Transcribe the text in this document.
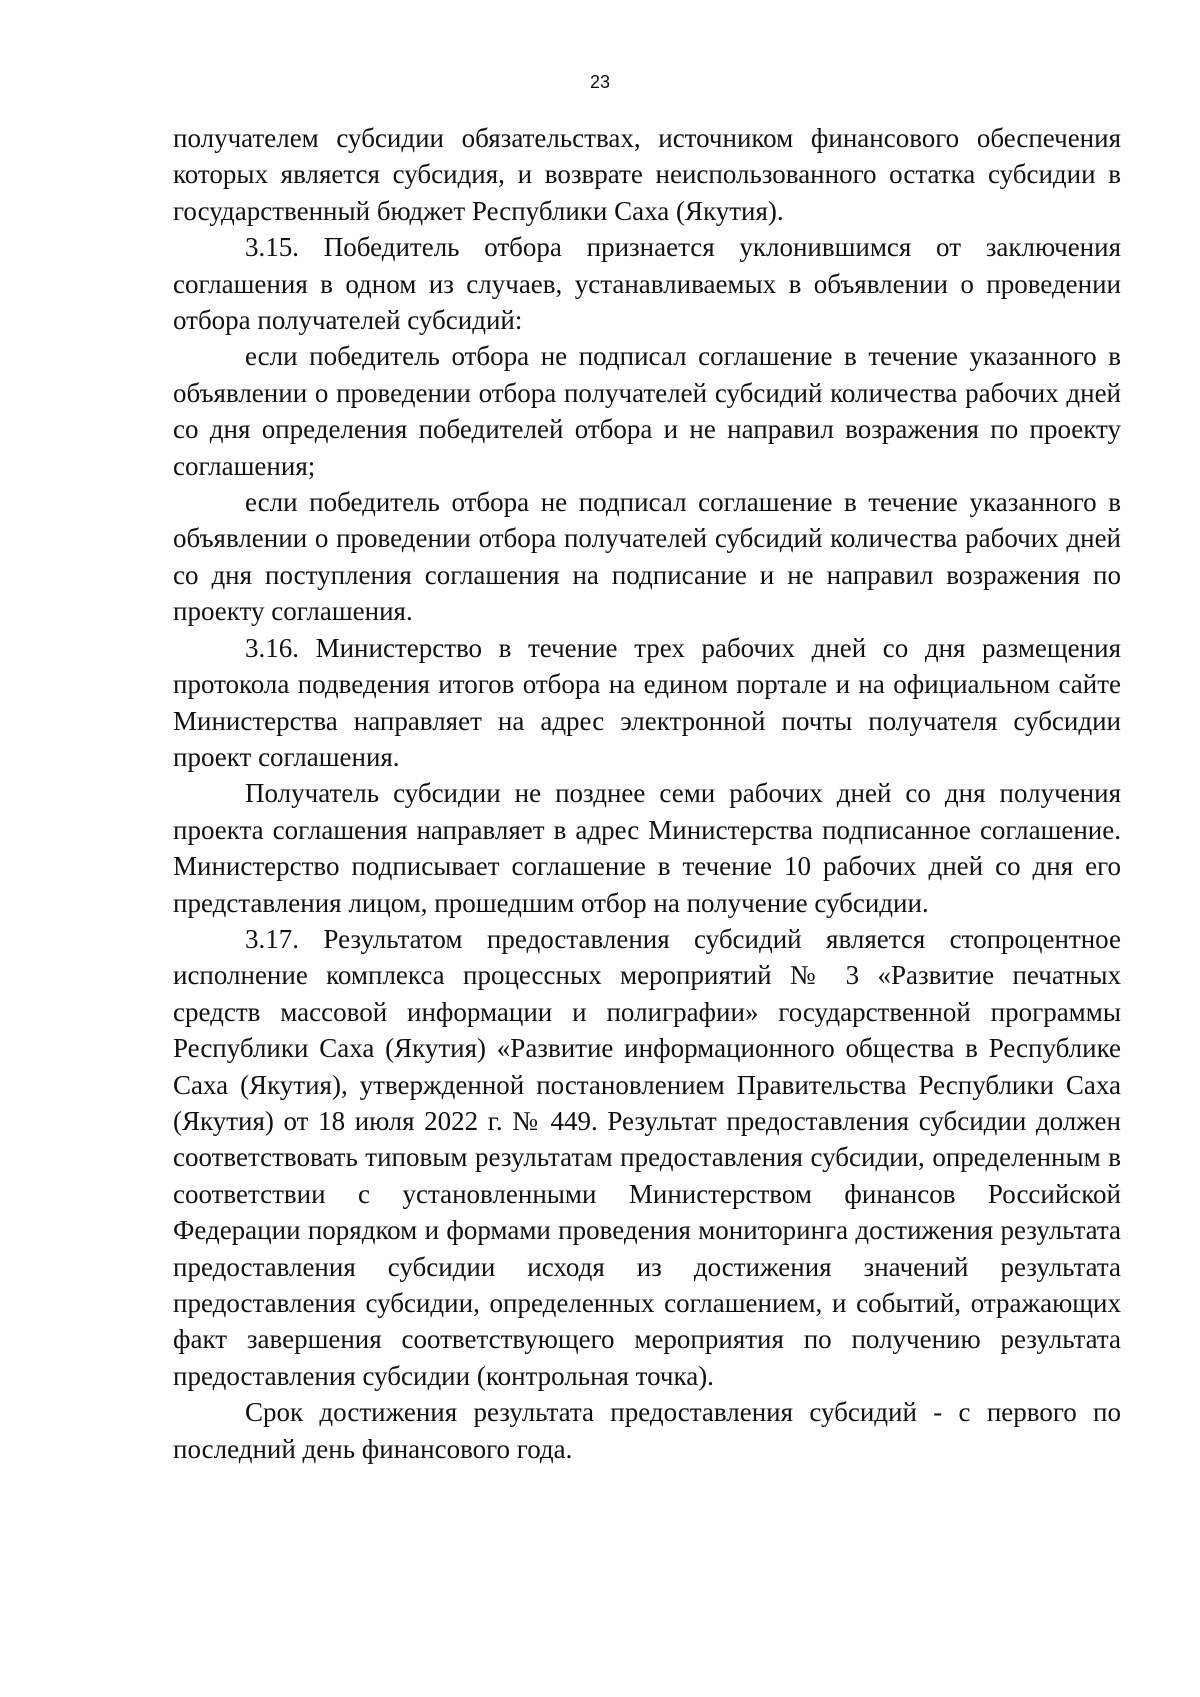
23

получателем субсидии обязательствах, источником финансового обеспечения которых является субсидия, и возврате неиспользованного остатка субсидии в государственный бюджет Республики Саха (Якутия).

3.15. Победитель отбора признается уклонившимся от заключения соглашения в одном из случаев, устанавливаемых в объявлении о проведении отбора получателей субсидий:

если победитель отбора не подписал соглашение в течение указанного в объявлении о проведении отбора получателей субсидий количества рабочих дней со дня определения победителей отбора и не направил возражения по проекту соглашения;

если победитель отбора не подписал соглашение в течение указанного в объявлении о проведении отбора получателей субсидий количества рабочих дней со дня поступления соглашения на подписание и не направил возражения по проекту соглашения.

3.16. Министерство в течение трех рабочих дней со дня размещения протокола подведения итогов отбора на едином портале и на официальном сайте Министерства направляет на адрес электронной почты получателя субсидии проект соглашения.

Получатель субсидии не позднее семи рабочих дней со дня получения проекта соглашения направляет в адрес Министерства подписанное соглашение. Министерство подписывает соглашение в течение 10 рабочих дней со дня его представления лицом, прошедшим отбор на получение субсидии.

3.17. Результатом предоставления субсидий является стопроцентное исполнение комплекса процессных мероприятий № 3 «Развитие печатных средств массовой информации и полиграфии» государственной программы Республики Саха (Якутия) «Развитие информационного общества в Республике Саха (Якутия), утвержденной постановлением Правительства Республики Саха (Якутия) от 18 июля 2022 г. № 449. Результат предоставления субсидии должен соответствовать типовым результатам предоставления субсидии, определенным в соответствии с установленными Министерством финансов Российской Федерации порядком и формами проведения мониторинга достижения результата предоставления субсидии исходя из достижения значений результата предоставления субсидии, определенных соглашением, и событий, отражающих факт завершения соответствующего мероприятия по получению результата предоставления субсидии (контрольная точка).

Срок достижения результата предоставления субсидий - с первого по последний день финансового года.
